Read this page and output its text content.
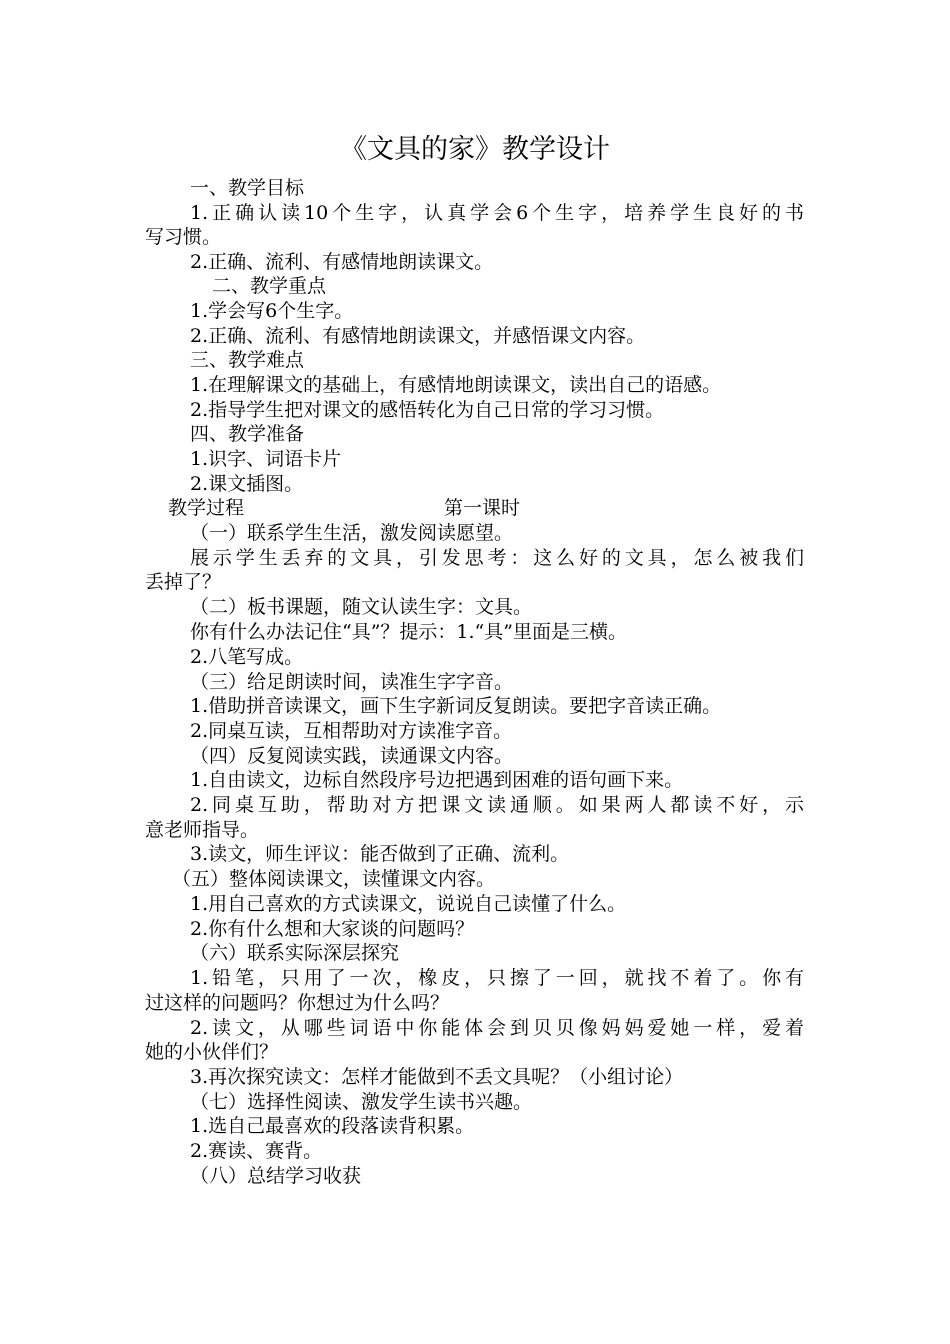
《文具的家》教学设计
一、教学目标
1.正确认读10个生字，认真学会6个生字，培养学生良好的书
写习惯。
2.正确、流利、有感情地朗读课文。
二、教学重点
1.学会写6个生字。
2.正确、流利、有感情地朗读课文，并感悟课文内容。
三、教学难点
1.在理解课文的基础上，有感情地朗读课文，读出自己的语感。
2.指导学生把对课文的感悟转化为自己日常的学习习惯。
四、教学准备
1.识字、词语卡片
2.课文插图。
教学过程	第一课时
（一）联系学生生活，激发阅读愿望。
展示学生丢弃的文具，引发思考：这么好的文具，怎么被我们
丢掉了？
（二）板书课题，随文认读生字：文具。
你有什么办法记住“具”？提示：1.“具”里面是三横。
2.八笔写成。
（三）给足朗读时间，读准生字字音。
1.借助拼音读课文，画下生字新词反复朗读。要把字音读正确。
2.同桌互读，互相帮助对方读准字音。
（四）反复阅读实践，读通课文内容。
1.自由读文，边标自然段序号边把遇到困难的语句画下来。
2.同桌互助，帮助对方把课文读通顺。如果两人都读不好，示
意老师指导。
3.读文，师生评议：能否做到了正确、流利。
（五）整体阅读课文，读懂课文内容。
1.用自己喜欢的方式读课文，说说自己读懂了什么。
2.你有什么想和大家谈的问题吗？
（六）联系实际深层探究
1.铅笔，只用了一次，橡皮，只擦了一回，就找不着了。你有
过这样的问题吗？你想过为什么吗？
2.读文，从哪些词语中你能体会到贝贝像妈妈爱她一样，爱着
她的小伙伴们？
3.再次探究读文：怎样才能做到不丢文具呢？（小组讨论）
（七）选择性阅读、激发学生读书兴趣。
1.选自己最喜欢的段落读背积累。
2.赛读、赛背。
（八）总结学习收获
